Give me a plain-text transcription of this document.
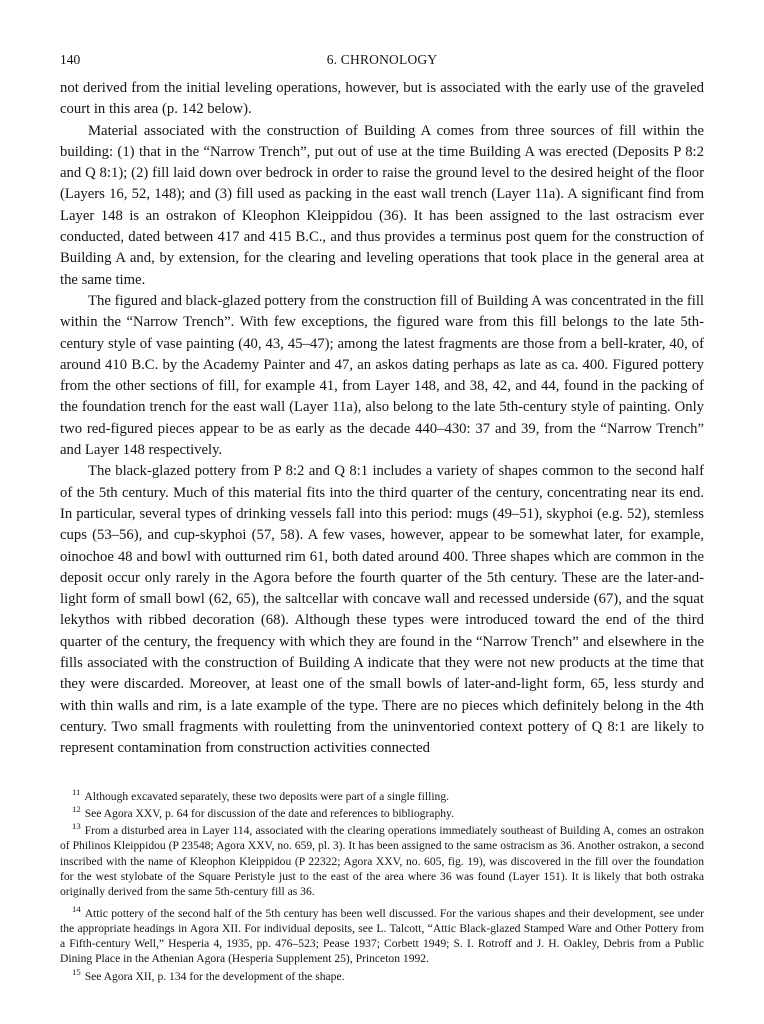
140	6. CHRONOLOGY

not derived from the initial leveling operations, however, but is associated with the early use of the graveled court in this area (p. 142 below).

Material associated with the construction of Building A comes from three sources of fill within the building: (1) that in the “Narrow Trench”, put out of use at the time Building A was erected (Deposits P 8:2 and Q 8:1); (2) fill laid down over bedrock in order to raise the ground level to the desired height of the floor (Layers 16, 52, 148); and (3) fill used as packing in the east wall trench (Layer 11a). A significant find from Layer 148 is an ostrakon of Kleophon Kleippidou (36). It has been assigned to the last ostracism ever conducted, dated between 417 and 415 B.C., and thus provides a terminus post quem for the construction of Building A and, by extension, for the clearing and leveling operations that took place in the general area at the same time.

The figured and black-glazed pottery from the construction fill of Building A was concentrated in the fill within the “Narrow Trench”. With few exceptions, the figured ware from this fill belongs to the late 5th-century style of vase painting (40, 43, 45–47); among the latest fragments are those from a bell-krater, 40, of around 410 B.C. by the Academy Painter and 47, an askos dating perhaps as late as ca. 400. Figured pottery from the other sections of fill, for example 41, from Layer 148, and 38, 42, and 44, found in the packing of the foundation trench for the east wall (Layer 11a), also belong to the late 5th-century style of painting. Only two red-figured pieces appear to be as early as the decade 440–430: 37 and 39, from the “Narrow Trench” and Layer 148 respectively.

The black-glazed pottery from P 8:2 and Q 8:1 includes a variety of shapes common to the second half of the 5th century. Much of this material fits into the third quarter of the century, concentrating near its end. In particular, several types of drinking vessels fall into this period: mugs (49–51), skyphoi (e.g. 52), stemless cups (53–56), and cup-skyphoi (57, 58). A few vases, however, appear to be somewhat later, for example, oinochoe 48 and bowl with outturned rim 61, both dated around 400. Three shapes which are common in the deposit occur only rarely in the Agora before the fourth quarter of the 5th century. These are the later-and-light form of small bowl (62, 65), the saltcellar with concave wall and recessed underside (67), and the squat lekythos with ribbed decoration (68). Although these types were introduced toward the end of the third quarter of the century, the frequency with which they are found in the “Narrow Trench” and elsewhere in the fills associated with the construction of Building A indicate that they were not new products at the time that they were discarded. Moreover, at least one of the small bowls of later-and-light form, 65, less sturdy and with thin walls and rim, is a late example of the type. There are no pieces which definitely belong in the 4th century. Two small fragments with rouletting from the uninventoried context pottery of Q 8:1 are likely to represent contamination from construction activities connected

$^{11}$ Although excavated separately, these two deposits were part of a single filling.

$^{12}$ See Agora XXV, p. 64 for discussion of the date and references to bibliography.

$^{13}$ From a disturbed area in Layer 114, associated with the clearing operations immediately southeast of Building A, comes an ostrakon of Philinos Kleippidou (P 23548; Agora XXV, no. 659, pl. 3). It has been assigned to the same ostracism as 36. Another ostrakon, a second inscribed with the name of Kleophon Kleippidou (P 22322; Agora XXV, no. 605, fig. 19), was discovered in the fill over the foundation for the west stylobate of the Square Peristyle just to the east of the area where 36 was found (Layer 151). It is likely that both ostraka originally derived from the same 5th-century fill as 36.

$^{14}$ Attic pottery of the second half of the 5th century has been well discussed. For the various shapes and their development, see under the appropriate headings in Agora XII. For individual deposits, see L. Talcott, “Attic Black-glazed Stamped Ware and Other Pottery from a Fifth-century Well,” Hesperia 4, 1935, pp. 476–523; Pease 1937; Corbett 1949; S. I. Rotroff and J. H. Oakley, Debris from a Public Dining Place in the Athenian Agora (Hesperia Supplement 25), Princeton 1992.

$^{15}$ See Agora XII, p. 134 for the development of the shape.
